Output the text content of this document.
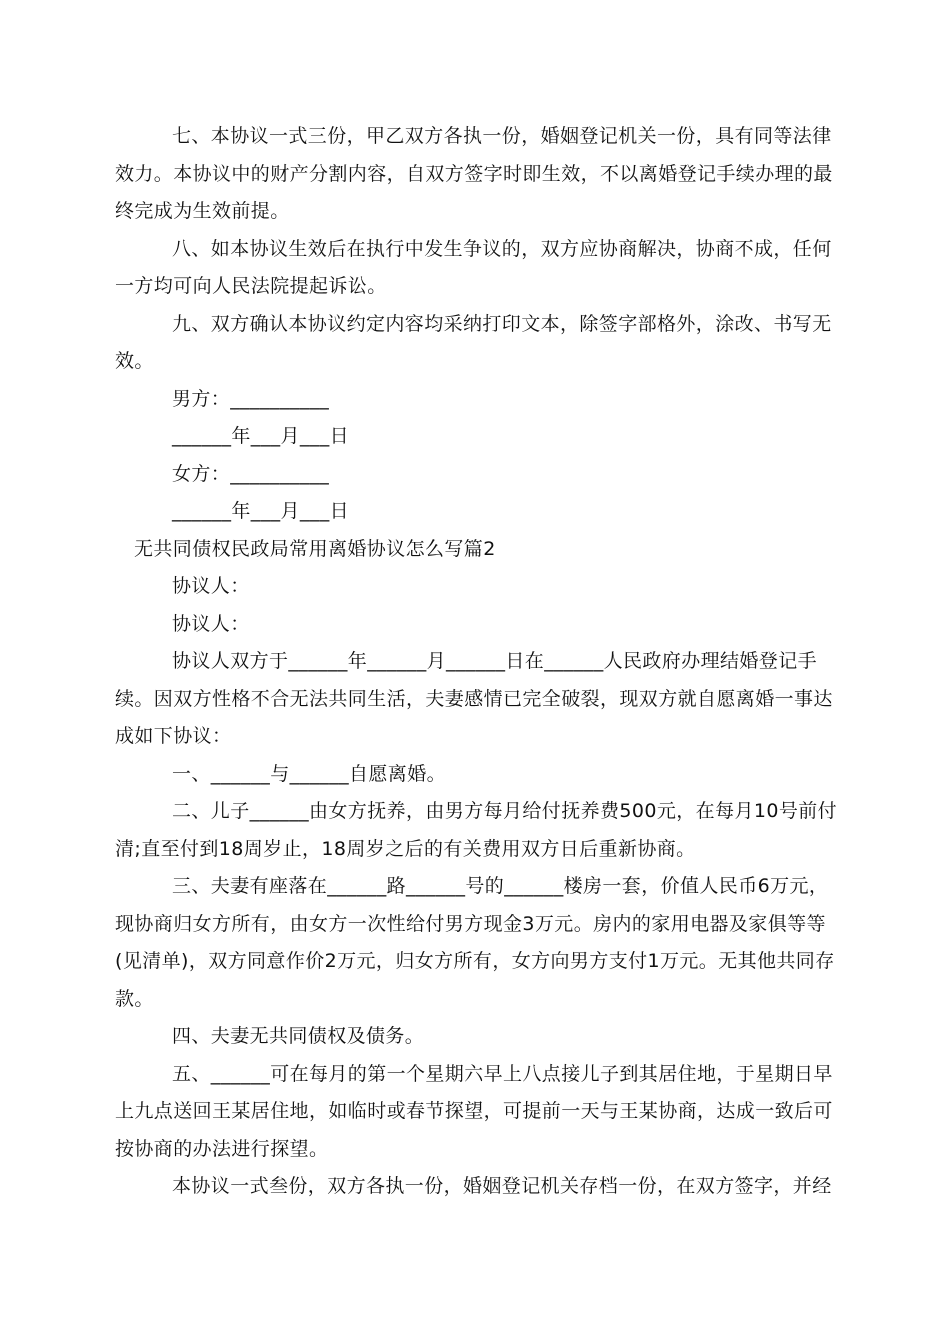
七、本协议一式三份，甲乙双方各执一份，婚姻登记机关一份，具有同等法律效力。本协议中的财产分割内容，自双方签字时即生效，不以离婚登记手续办理的最终完成为生效前提。

八、如本协议生效后在执行中发生争议的，双方应协商解决，协商不成，任何一方均可向人民法院提起诉讼。

九、双方确认本协议约定内容均采纳打印文本，除签字部格外，涂改、书写无效。

男方：__________
______年___月___日
女方：__________
______年___月___日
无共同债权民政局常用离婚协议怎么写篇2
协议人：
协议人：

协议人双方于______年______月______日在______人民政府办理结婚登记手续。因双方性格不合无法共同生活，夫妻感情已完全破裂，现双方就自愿离婚一事达成如下协议：

一、______与______自愿离婚。

二、儿子______由女方抚养，由男方每月给付抚养费500元，在每月10号前付清;直至付到18周岁止，18周岁之后的有关费用双方日后重新协商。

三、夫妻有座落在______路______号的______楼房一套，价值人民币6万元，现协商归女方所有，由女方一次性给付男方现金3万元。房内的家用电器及家俱等等(见清单)，双方同意作价2万元，归女方所有，女方向男方支付1万元。无其他共同存款。

四、夫妻无共同债权及债务。

五、______可在每月的第一个星期六早上八点接儿子到其居住地，于星期日早上九点送回王某居住地，如临时或春节探望，可提前一天与王某协商，达成一致后可按协商的办法进行探望。

本协议一式叁份，双方各执一份，婚姻登记机关存档一份，在双方签字，并经
